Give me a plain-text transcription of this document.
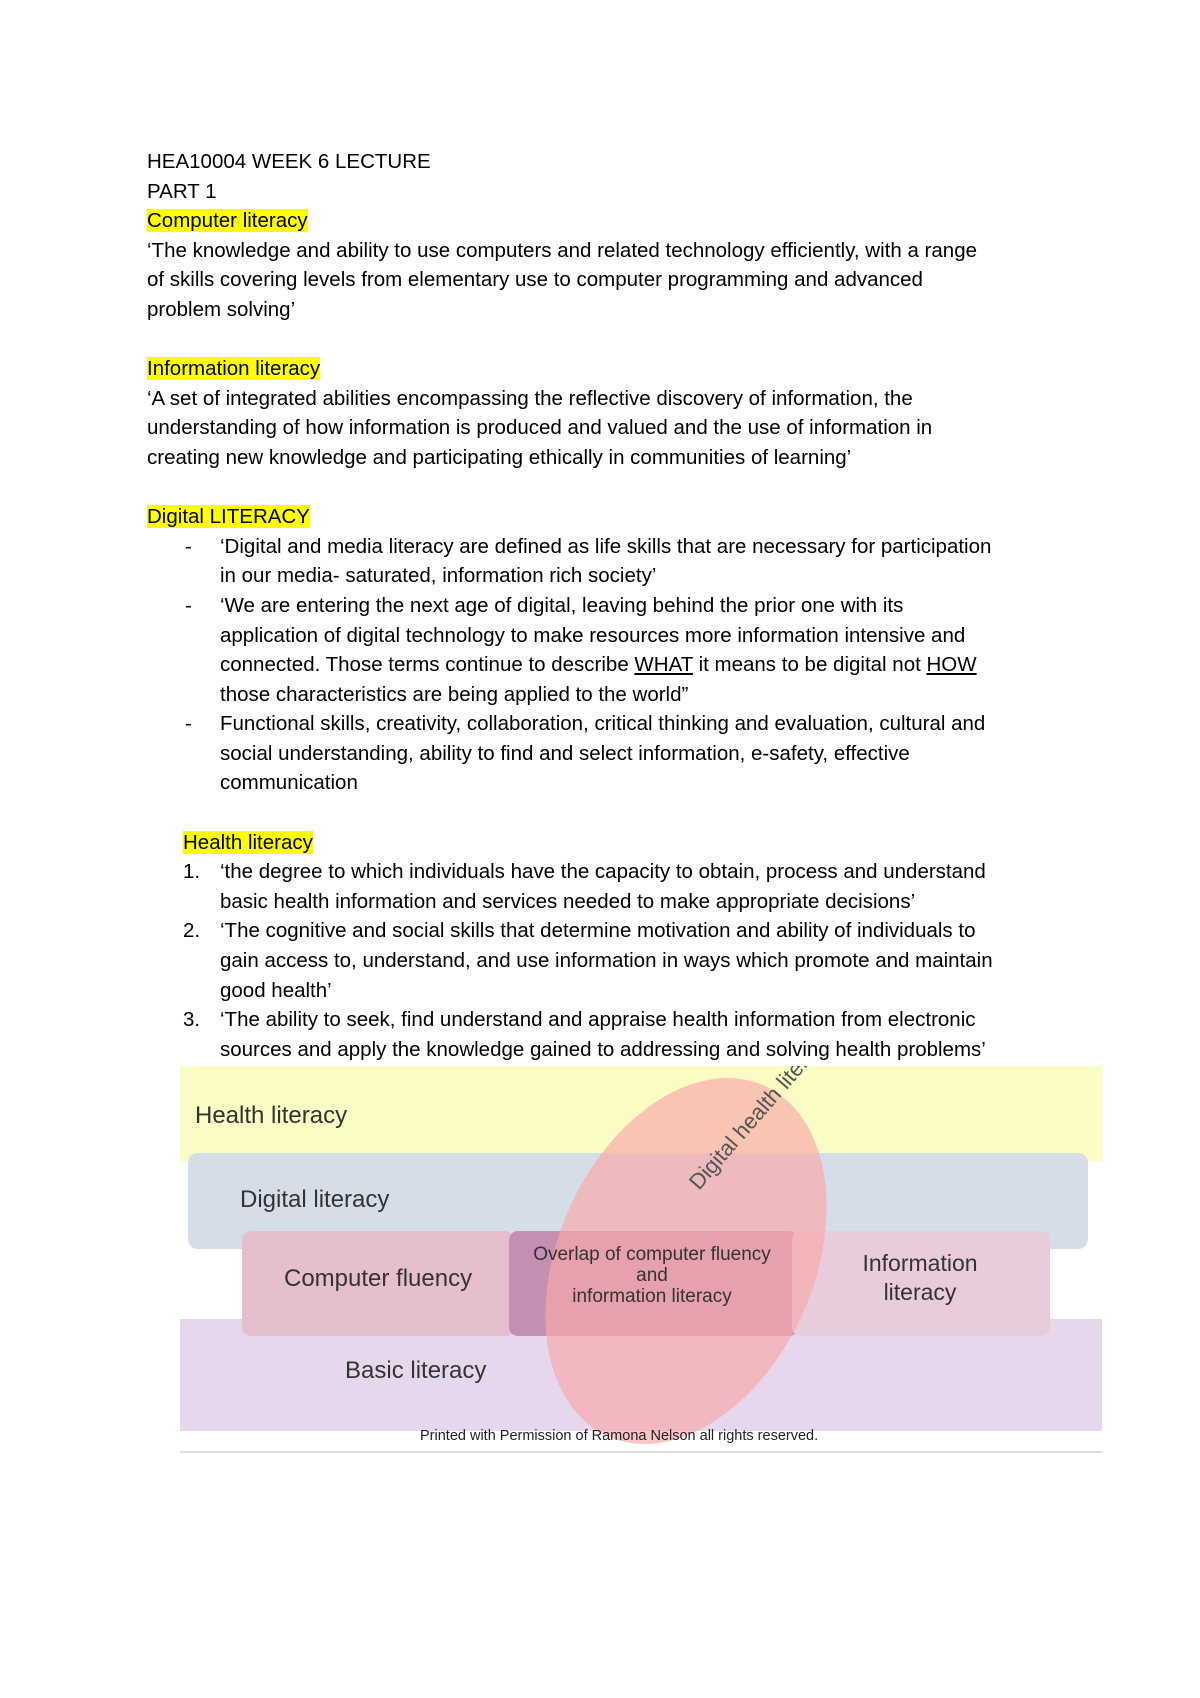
HEA10004 WEEK 6 LECTURE
PART 1
Computer literacy

‘The knowledge and ability to use computers and related technology efficiently, with a range
of skills covering levels from elementary use to computer programming and advanced
problem solving’

Information literacy

‘A set of integrated abilities encompassing the reflective discovery of information, the
understanding of how information is produced and valued and the use of information in
creating new knowledge and participating ethically in communities of learning’

Digital LITERACY
- ‘Digital and media literacy are defined as life skills that are necessary for participation
in our media- saturated, information rich society’
- ‘We are entering the next age of digital, leaving behind the prior one with its
application of digital technology to make resources more information intensive and
connected. Those terms continue to describe WHAT it means to be digital not HOW
those characteristics are being applied to the world”
- Functional skills, creativity, collaboration, critical thinking and evaluation, cultural and
social understanding, ability to find and select information, e-safety, effective
communication
Health literacy
1. ‘the degree to which individuals have the capacity to obtain, process and understand
basic health information and services needed to make appropriate decisions’
2. ‘The cognitive and social skills that determine motivation and ability of individuals to
gain access to, understand, and use information in ways which promote and maintain
good health’
3. ‘The ability to seek, find understand and appraise health information from electronic
sources and apply the knowledge gained to addressing and solving health problems’
Health literacy
Digital literacy
Computer fluency
Overlap of computer fluency
and
information literacy
Information
literacy
Basic literacy
Printed with Permission of Ramona Nelson all rights reserved.
